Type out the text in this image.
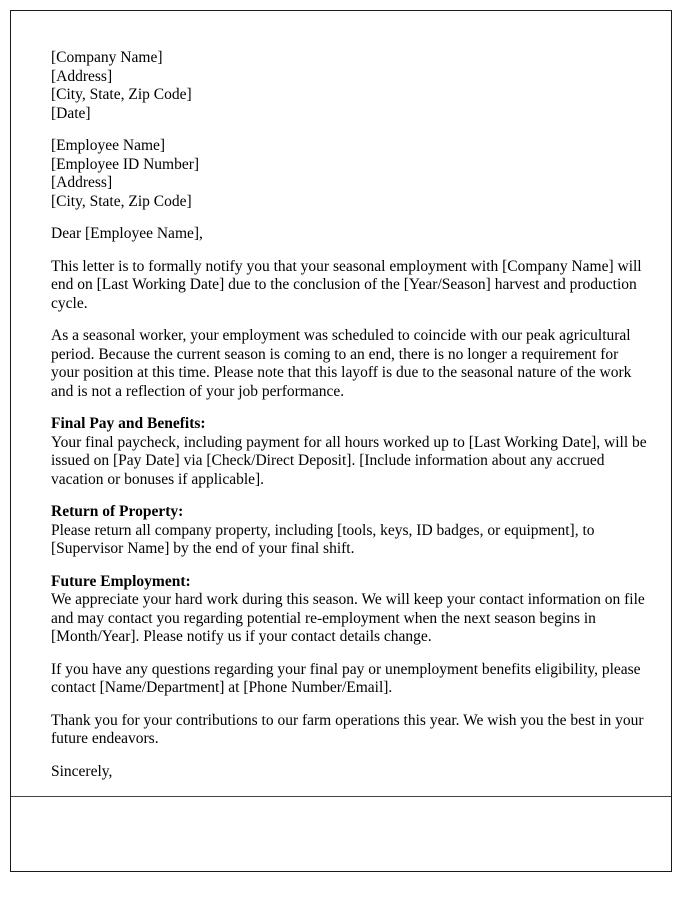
[Company Name]
[Address]
[City, State, Zip Code]
[Date]
[Employee Name]
[Employee ID Number]
[Address]
[City, State, Zip Code]
Dear [Employee Name],
This letter is to formally notify you that your seasonal employment with [Company Name] will end on [Last Working Date] due to the conclusion of the [Year/Season] harvest and production cycle.
As a seasonal worker, your employment was scheduled to coincide with our peak agricultural period. Because the current season is coming to an end, there is no longer a requirement for your position at this time. Please note that this layoff is due to the seasonal nature of the work and is not a reflection of your job performance.
Final Pay and Benefits:
Your final paycheck, including payment for all hours worked up to [Last Working Date], will be issued on [Pay Date] via [Check/Direct Deposit]. [Include information about any accrued vacation or bonuses if applicable].
Return of Property:
Please return all company property, including [tools, keys, ID badges, or equipment], to [Supervisor Name] by the end of your final shift.
Future Employment:
We appreciate your hard work during this season. We will keep your contact information on file and may contact you regarding potential re-employment when the next season begins in [Month/Year]. Please notify us if your contact details change.
If you have any questions regarding your final pay or unemployment benefits eligibility, please contact [Name/Department] at [Phone Number/Email].
Thank you for your contributions to our farm operations this year. We wish you the best in your future endeavors.
Sincerely,
